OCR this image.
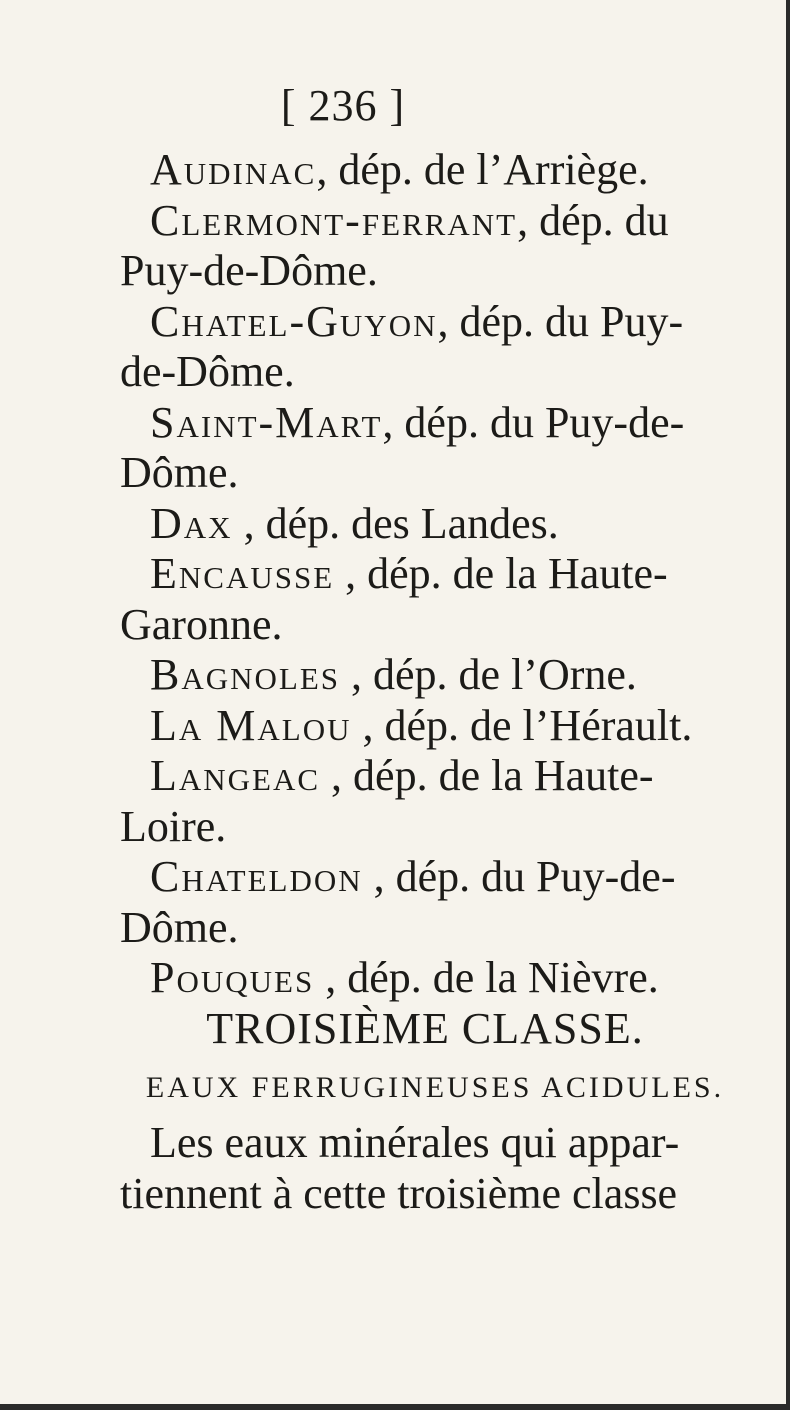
[ 236 ]
Audinac, dép. de l’Arriège.
Clermont-ferrant, dép. du
Puy-de-Dôme.
Chatel-Guyon, dép. du Puy-
de-Dôme.
Saint-Mart, dép. du Puy-de-
Dôme.
Dax , dép. des Landes.
Encausse , dép. de la Haute-
Garonne.
Bagnoles , dép. de l’Orne.
La Malou , dép. de l’Hérault.
Langeac , dép. de la Haute-
Loire.
Chateldon , dép. du Puy-de-
Dôme.
Pouques , dép. de la Nièvre.
TROISIÈME CLASSE.
EAUX FERRUGINEUSES ACIDULES.
Les eaux minérales qui appar-
tiennent à cette troisième classe
